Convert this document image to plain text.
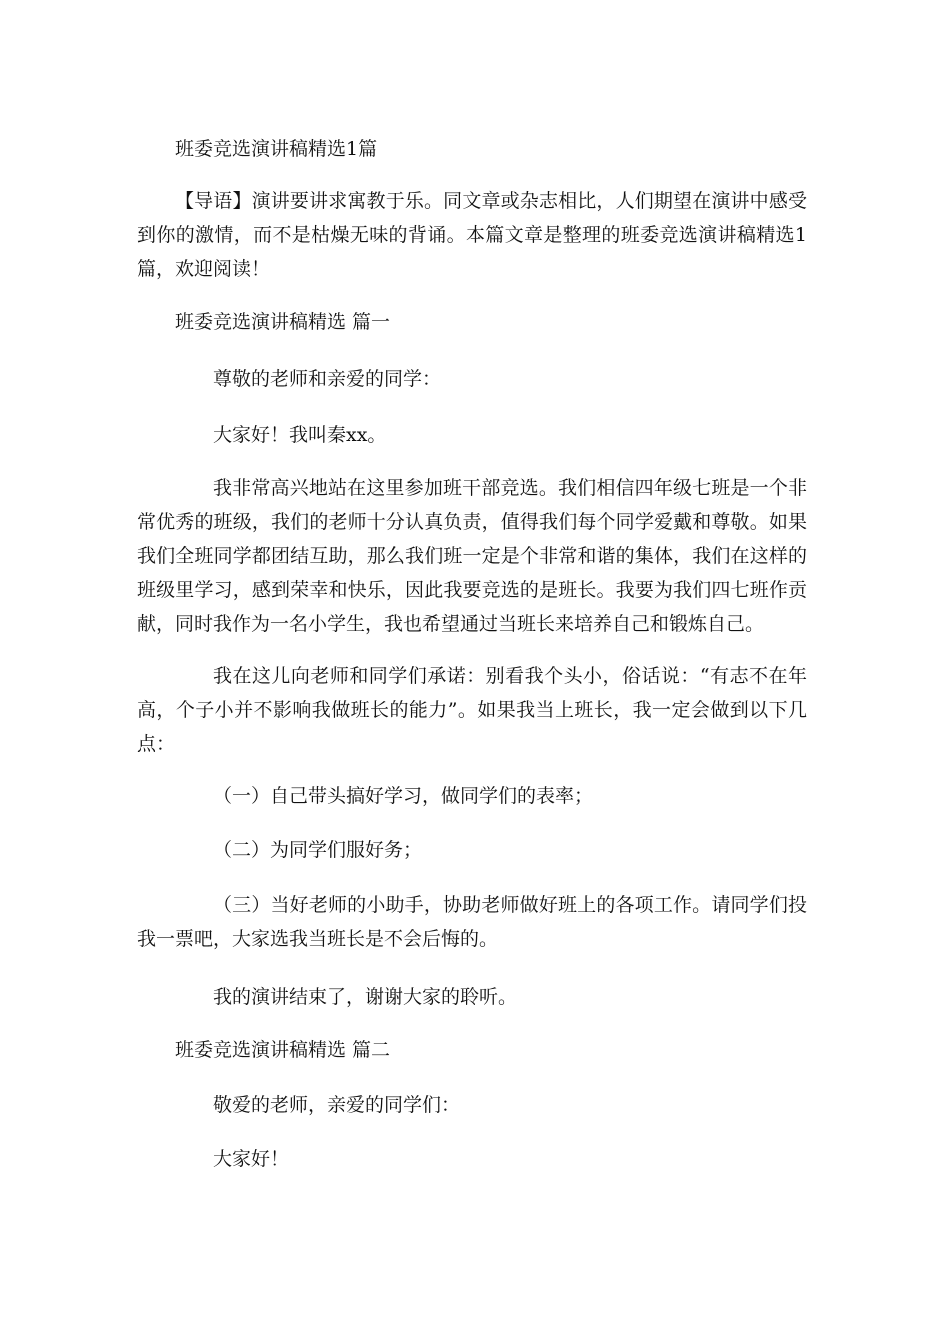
班委竞选演讲稿精选1篇

【导语】演讲要讲求寓教于乐。同文章或杂志相比，人们期望在演讲中感受到你的激情，而不是枯燥无味的背诵。本篇文章是整理的班委竞选演讲稿精选1篇，欢迎阅读！

班委竞选演讲稿精选 篇一

尊敬的老师和亲爱的同学：

大家好！我叫秦xx。

我非常高兴地站在这里参加班干部竞选。我们相信四年级七班是一个非常优秀的班级，我们的老师十分认真负责，值得我们每个同学爱戴和尊敬。如果我们全班同学都团结互助，那么我们班一定是个非常和谐的集体，我们在这样的班级里学习，感到荣幸和快乐，因此我要竞选的是班长。我要为我们四七班作贡献，同时我作为一名小学生，我也希望通过当班长来培养自己和锻炼自己。

我在这儿向老师和同学们承诺：别看我个头小，俗话说：“有志不在年高，个子小并不影响我做班长的能力”。如果我当上班长，我一定会做到以下几点：

（一）自己带头搞好学习，做同学们的表率；

（二）为同学们服好务；

（三）当好老师的小助手，协助老师做好班上的各项工作。请同学们投我一票吧，大家选我当班长是不会后悔的。

我的演讲结束了，谢谢大家的聆听。

班委竞选演讲稿精选 篇二

敬爱的老师，亲爱的同学们：

大家好！
